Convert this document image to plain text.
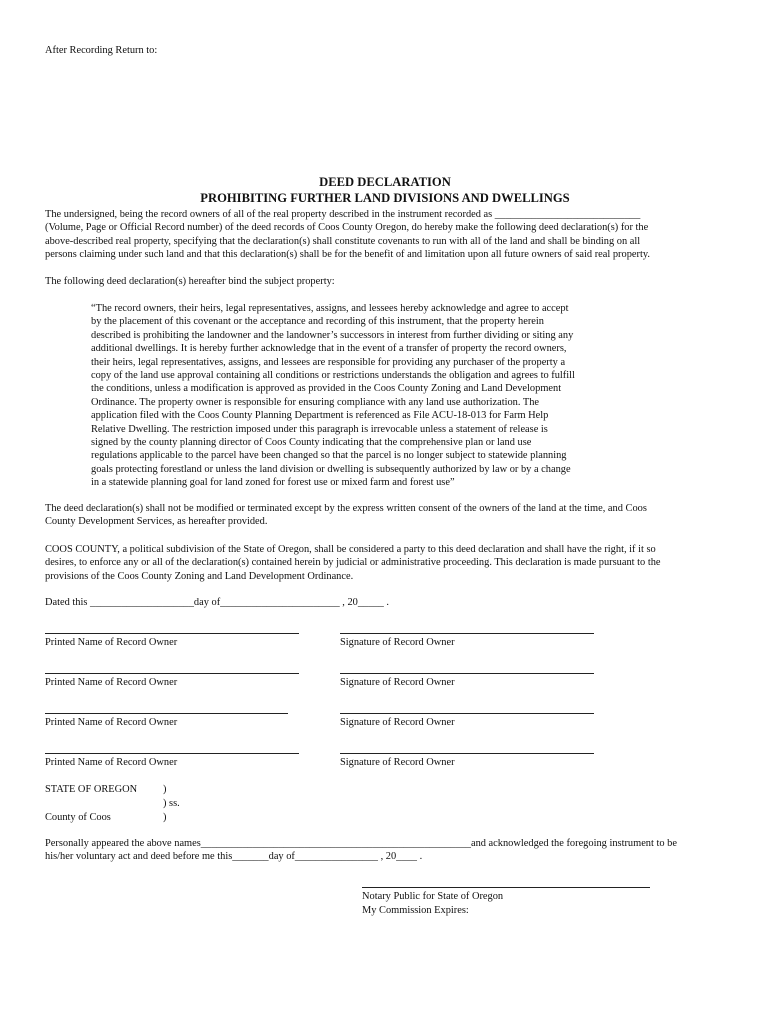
After Recording Return to:
DEED DECLARATION
PROHIBITING FURTHER LAND DIVISIONS AND DWELLINGS
The undersigned, being the record owners of all of the real property described in the instrument recorded as ____________________________
(Volume, Page or Official Record number) of the deed records of Coos County Oregon, do hereby make the following deed declaration(s) for the
above-described real property, specifying that the declaration(s) shall constitute covenants to run with all of the land and shall be binding on all
persons claiming under such land and that this declaration(s) shall be for the benefit of and limitation upon all future owners of said real property.
The following deed declaration(s) hereafter bind the subject property:
“The record owners, their heirs, legal representatives, assigns, and lessees hereby acknowledge and agree to accept
by the placement of this covenant or the acceptance and recording of this instrument, that the property herein
described is prohibiting the landowner and the landowner’s successors in interest from further dividing or siting any
additional dwellings. It is hereby further acknowledge that in the event of a transfer of property the record owners,
their heirs, legal representatives, assigns, and lessees are responsible for providing any purchaser of the property a
copy of the land use approval containing all conditions or restrictions understands the obligation and agrees to fulfill
the conditions, unless a modification is approved as provided in the Coos County Zoning and Land Development
Ordinance. The property owner is responsible for ensuring compliance with any land use authorization. The
application filed with the Coos County Planning Department is referenced as File ACU-18-013 for Farm Help
Relative Dwelling. The restriction imposed under this paragraph is irrevocable unless a statement of release is
signed by the county planning director of Coos County indicating that the comprehensive plan or land use
regulations applicable to the parcel have been changed so that the parcel is no longer subject to statewide planning
goals protecting forestland or unless the land division or dwelling is subsequently authorized by law or by a change
in a statewide planning goal for land zoned for forest use or mixed farm and forest use”
The deed declaration(s) shall not be modified or terminated except by the express written consent of the owners of the land at the time, and Coos
County Development Services, as hereafter provided.
COOS COUNTY, a political subdivision of the State of Oregon, shall be considered a party to this deed declaration and shall have the right, if it so
desires, to enforce any or all of the declaration(s) contained herein by judicial or administrative proceeding. This declaration is made pursuant to the
provisions of the Coos County Zoning and Land Development Ordinance.
Dated this ____________________day of_______________________ , 20_____ .
Printed Name of Record Owner	Signature of Record Owner
Printed Name of Record Owner	Signature of Record Owner
Printed Name of Record Owner	Signature of Record Owner
Printed Name of Record Owner	Signature of Record Owner
STATE OF OREGON )
) ss.
County of Coos	)
Personally appeared the above names____________________________________________________and acknowledged the foregoing instrument to be
his/her voluntary act and deed before me this_______day of________________ , 20____ .
Notary Public for State of Oregon
My Commission Expires:
